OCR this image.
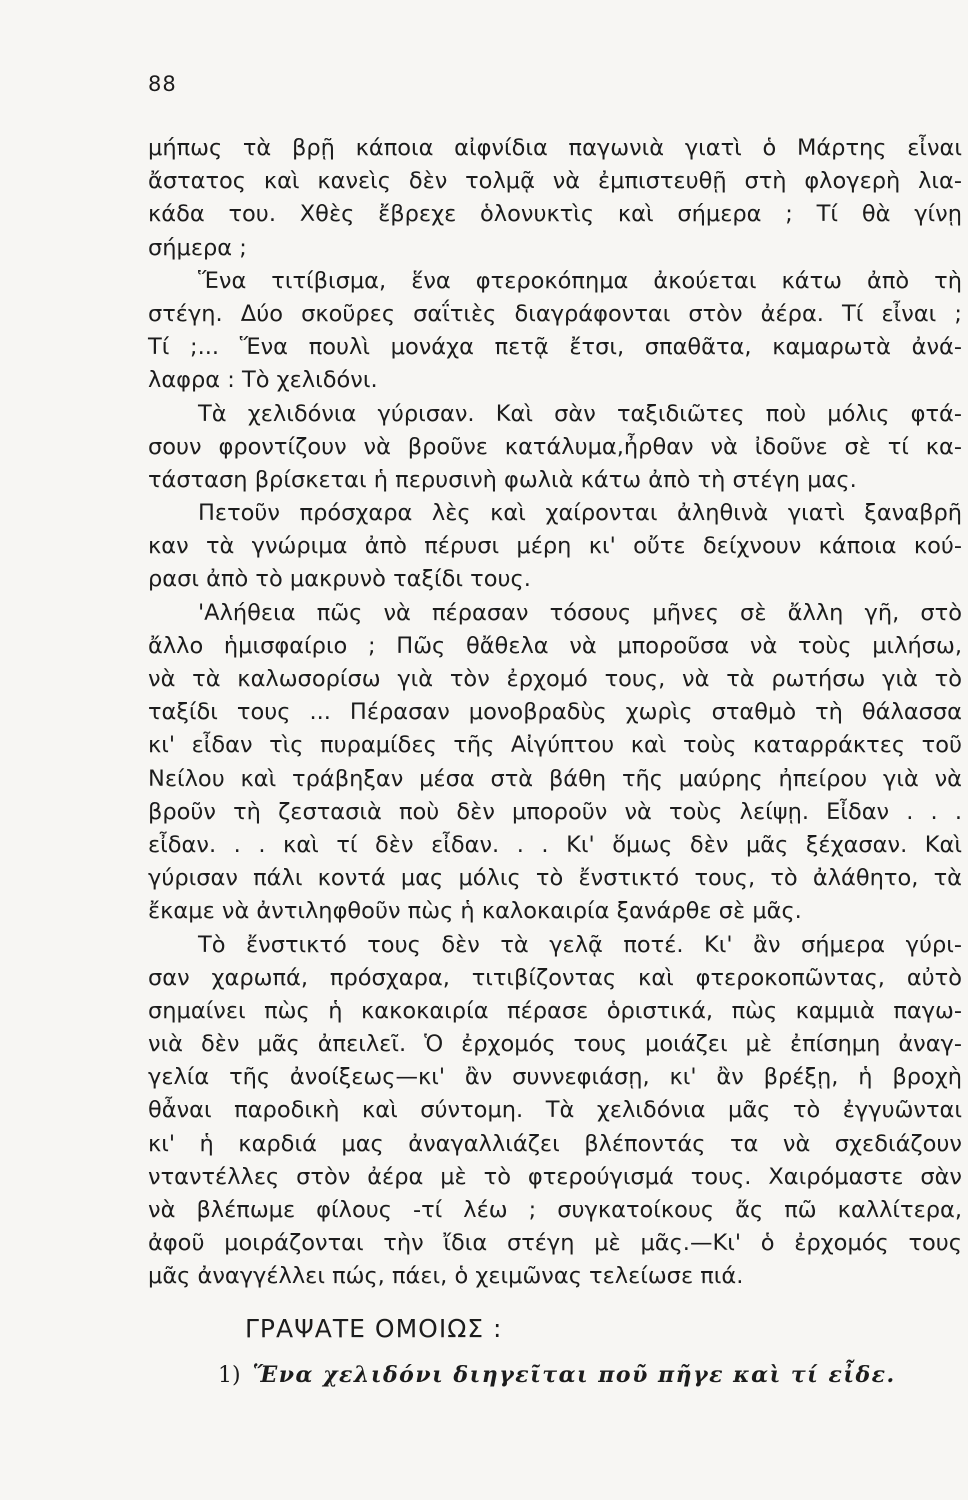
88
μήπως τὰ βρῇ κάποια αἰφνίδια παγωνιὰ γιατὶ ὁ Μάρτης εἶναι
ἄστατος καὶ κανεὶς δὲν τολμᾷ νὰ ἐμπιστευθῇ στὴ φλογερὴ λια-
κάδα του. Χθὲς ἔβρεχε ὁλονυκτὶς καὶ σήμερα ; Τί θὰ γίνῃ
σήμερα ;
Ἕνα τιτίβισμα, ἕνα φτεροκόπημα ἀκούεται κάτω ἀπὸ τὴ
στέγη. Δύο σκοῦρες σαΐτιὲς διαγράφονται στὸν ἀέρα. Τί εἶναι ;
Τί ;... Ἕνα πουλὶ μονάχα πετᾷ ἔτσι, σπαθᾶτα, καμαρωτὰ ἀνά-
λαφρα : Τὸ χελιδόνι.
Τὰ χελιδόνια γύρισαν. Καὶ σὰν ταξιδιῶτες ποὺ μόλις φτά-
σουν φροντίζουν νὰ βροῦνε κατάλυμα,ἦρθαν νὰ ἰδοῦνε σὲ τί κα-
τάσταση βρίσκεται ἡ περυσινὴ φωλιὰ κάτω ἀπὸ τὴ στέγη μας.
Πετοῦν πρόσχαρα λὲς καὶ χαίρονται ἀληθινὰ γιατὶ ξαναβρῆ
καν τὰ γνώριμα ἀπὸ πέρυσι μέρη κι' οὔτε δείχνουν κάποια κού-
ρασι ἀπὸ τὸ μακρυνὸ ταξίδι τους.
'Αλήθεια πῶς νὰ πέρασαν τόσους μῆνες σὲ ἄλλη γῆ, στὸ
ἄλλο ἡμισφαίριο ; Πῶς θἄθελα νὰ μποροῦσα νὰ τοὺς μιλήσω,
νὰ τὰ καλωσορίσω γιὰ τὸν ἐρχομό τους, νὰ τὰ ρωτήσω γιὰ τὸ
ταξίδι τους ... Πέρασαν μονοβραδὺς χωρὶς σταθμὸ τὴ θάλασσα
κι' εἶδαν τὶς πυραμίδες τῆς Αἰγύπτου καὶ τοὺς καταρράκτες τοῦ
Νείλου καὶ τράβηξαν μέσα στὰ βάθη τῆς μαύρης ἠπείρου γιὰ νὰ
βροῦν τὴ ζεστασιὰ ποὺ δὲν μποροῦν νὰ τοὺς λείψῃ. Εἶδαν . . .
εἶδαν. . . καὶ τί δὲν εἶδαν. . . Κι' ὅμως δὲν μᾶς ξέχασαν. Καὶ
γύρισαν πάλι κοντά μας μόλις τὸ ἔνστικτό τους, τὸ ἀλάθητο, τὰ
ἔκαμε νὰ ἀντιληφθοῦν πὼς ἡ καλοκαιρία ξανάρθε σὲ μᾶς.
Τὸ ἔνστικτό τους δὲν τὰ γελᾷ ποτέ. Κι' ἂν σήμερα γύρι-
σαν χαρωπά, πρόσχαρα, τιτιβίζοντας καὶ φτεροκοπῶντας, αὐτὸ
σημαίνει πὼς ἡ κακοκαιρία πέρασε ὁριστικά, πὼς καμμιὰ παγω-
νιὰ δὲν μᾶς ἀπειλεῖ. Ὁ ἐρχομός τους μοιάζει μὲ ἐπίσημη ἀναγ-
γελία τῆς ἀνοίξεως—κι' ἂν συννεφιάσῃ, κι' ἂν βρέξῃ, ἡ βροχὴ
θἆναι παροδικὴ καὶ σύντομη. Τὰ χελιδόνια μᾶς τὸ ἐγγυῶνται
κι' ἡ καρδιά μας ἀναγαλλιάζει βλέποντάς τα νὰ σχεδιάζουν
νταντέλλες στὸν ἀέρα μὲ τὸ φτερούγισμά τους. Χαιρόμαστε σὰν
νὰ βλέπωμε φίλους -τί λέω ; συγκατοίκους ἄς πῶ καλλίτερα,
ἀφοῦ μοιράζονται τὴν ἴδια στέγη μὲ μᾶς.—Κι' ὁ ἐρχομός τους
μᾶς ἀναγγέλλει πώς, πάει, ὁ χειμῶνας τελείωσε πιά.
ΓΡΑΨΑΤΕ ΟΜΟΙΩΣ :
1) Ἕνα χελιδόνι διηγεῖται ποῦ πῆγε καὶ τί εἶδε.
